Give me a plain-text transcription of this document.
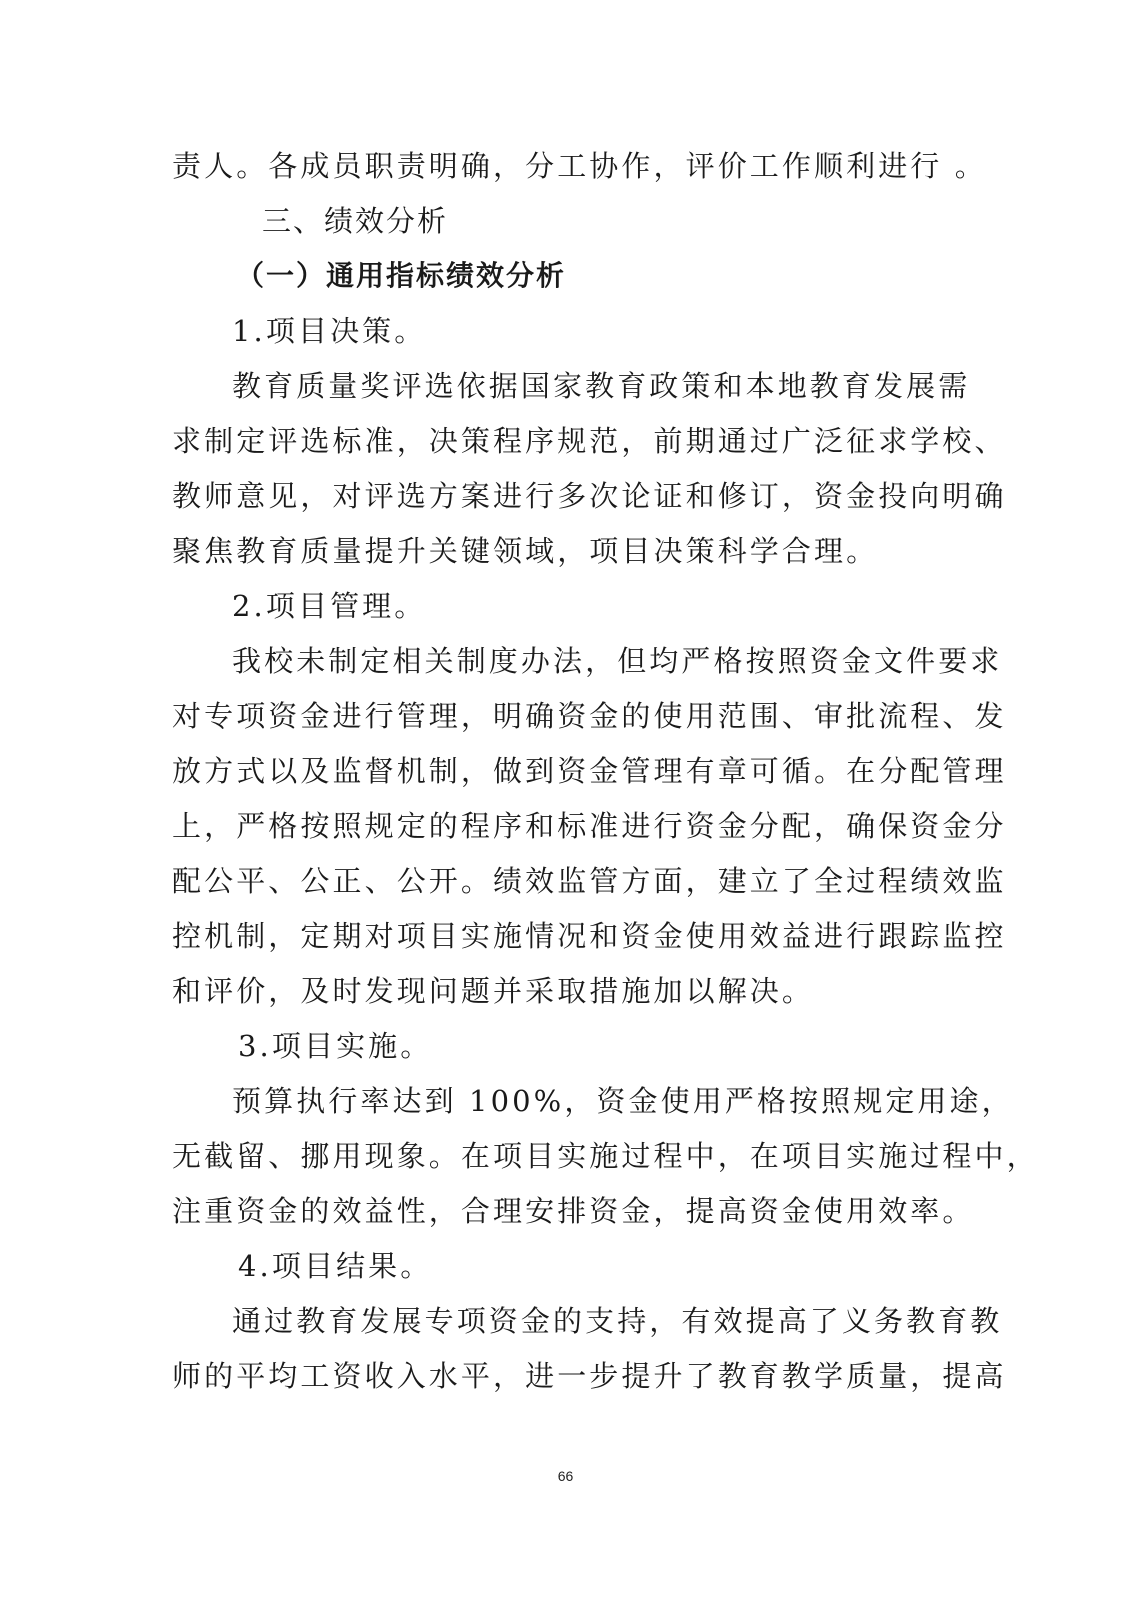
责人。各成员职责明确，分工协作，评价工作顺利进行 。
三、绩效分析
（一）通用指标绩效分析
1.项目决策。
教育质量奖评选依据国家教育政策和本地教育发展需
求制定评选标准，决策程序规范，前期通过广泛征求学校、
教师意见，对评选方案进行多次论证和修订，资金投向明确
聚焦教育质量提升关键领域，项目决策科学合理。
2.项目管理。
我校未制定相关制度办法，但均严格按照资金文件要求
对专项资金进行管理，明确资金的使用范围、审批流程、发
放方式以及监督机制，做到资金管理有章可循。在分配管理
上，严格按照规定的程序和标准进行资金分配，确保资金分
配公平、公正、公开。绩效监管方面，建立了全过程绩效监
控机制，定期对项目实施情况和资金使用效益进行跟踪监控
和评价，及时发现问题并采取措施加以解决。
3.项目实施。
预算执行率达到 100%，资金使用严格按照规定用途，
无截留、挪用现象。在项目实施过程中，在项目实施过程中，
注重资金的效益性，合理安排资金，提高资金使用效率。
4.项目结果。
通过教育发展专项资金的支持，有效提高了义务教育教
师的平均工资收入水平，进一步提升了教育教学质量，提高
66
